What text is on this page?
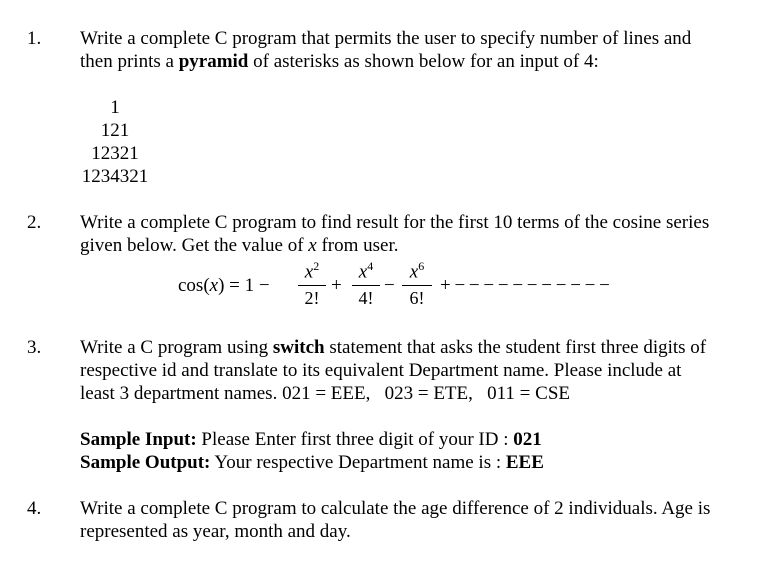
1. Write a complete C program that permits the user to specify number of lines and
then prints a pyramid of asterisks as shown below for an input of 4:
1
121
12321
1234321
2. Write a complete C program to find result for the first 10 terms of the cosine series
given below. Get the value of x from user.
cos(x) = 1 −
$x^2$
2!
+
$x^4$
4!
−
$x^6$
6!
+ − − − − − − − − − − −
3. Write a C program using switch statement that asks the student first three digits of
respective id and translate to its equivalent Department name. Please include at
least 3 department names. 021 = EEE,   023 = ETE,   011 = CSE
Sample Input: Please Enter first three digit of your ID : 021
Sample Output: Your respective Department name is : EEE
4. Write a complete C program to calculate the age difference of 2 individuals. Age is
represented as year, month and day.
